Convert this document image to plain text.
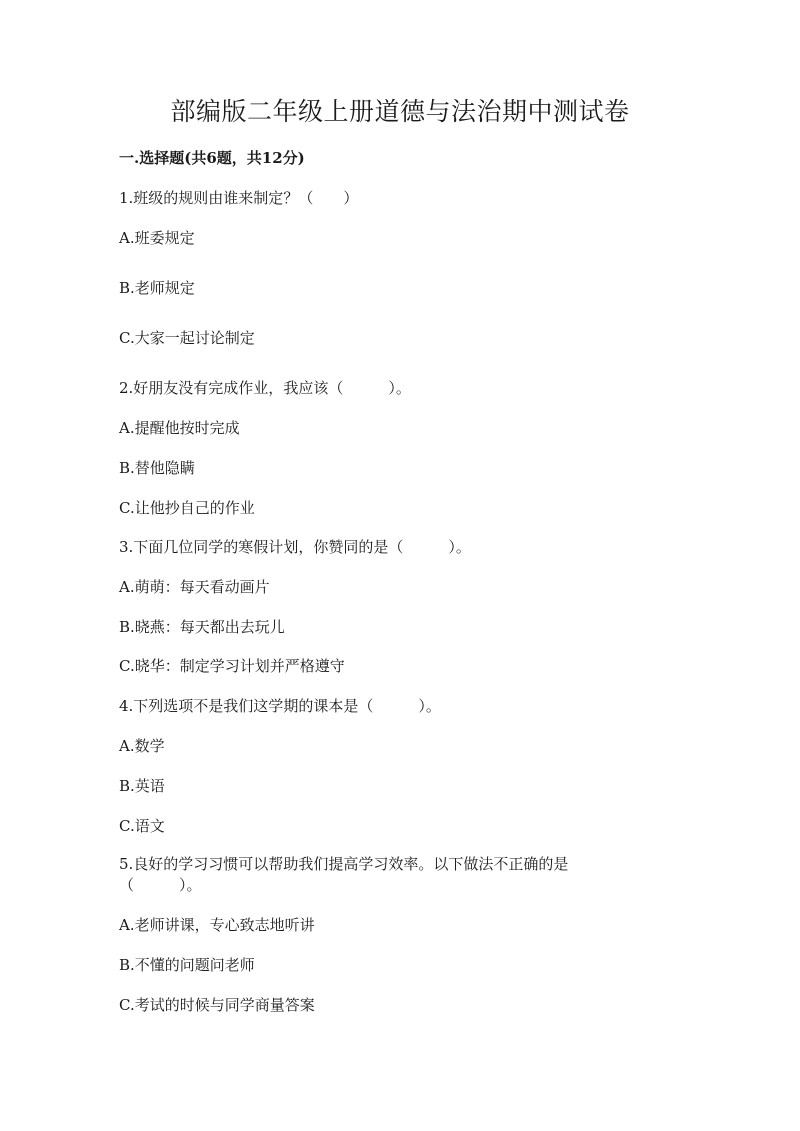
部编版二年级上册道德与法治期中测试卷
一.选择题(共6题，共12分)
1.班级的规则由谁来制定？（　　）
A.班委规定
B.老师规定
C.大家一起讨论制定
2.好朋友没有完成作业，我应该（　　　）。
A.提醒他按时完成
B.替他隐瞒
C.让他抄自己的作业
3.下面几位同学的寒假计划，你赞同的是（　　　）。
A.萌萌：每天看动画片
B.晓燕：每天都出去玩儿
C.晓华：制定学习计划并严格遵守
4.下列选项不是我们这学期的课本是（　　　）。
A.数学
B.英语
C.语文
5.良好的学习习惯可以帮助我们提高学习效率。以下做法不正确的是（　　　）。
A.老师讲课，专心致志地听讲
B.不懂的问题问老师
C.考试的时候与同学商量答案
